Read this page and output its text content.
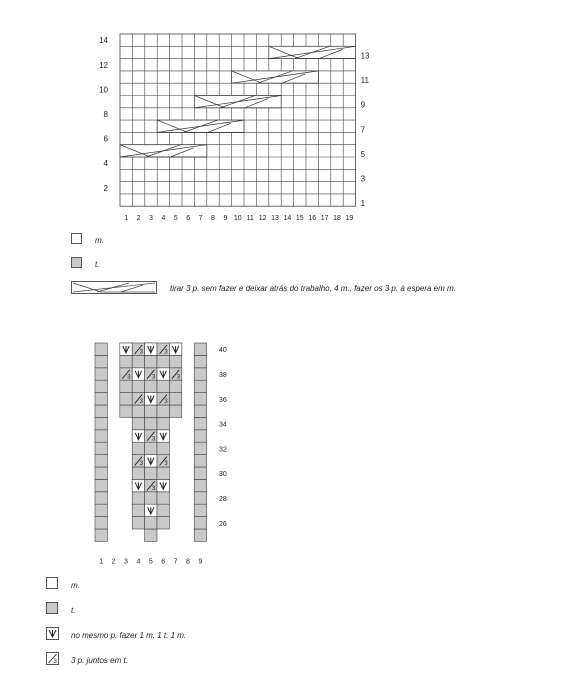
2
4
6
8
10
12
14
1
3
5
7
9
11
13
1 2 3 4 5 6 7 8 9 10 11 12 13 14 15 16 17 18 19
3
3	3
3
3	3
3	3	3
3	3
26
28
30
32
34
36
38
40
1 2 3 4 5 6 7 8 9
m.
t.
tirar 3 p. sem fazer e deixar atrás do trabalho, 4 m., fazer os 3 p. à espera em m.
m.
t.
no mesmo p. fazer 1 m. 1 t. 1 m.
3 3 p. juntos em t.
